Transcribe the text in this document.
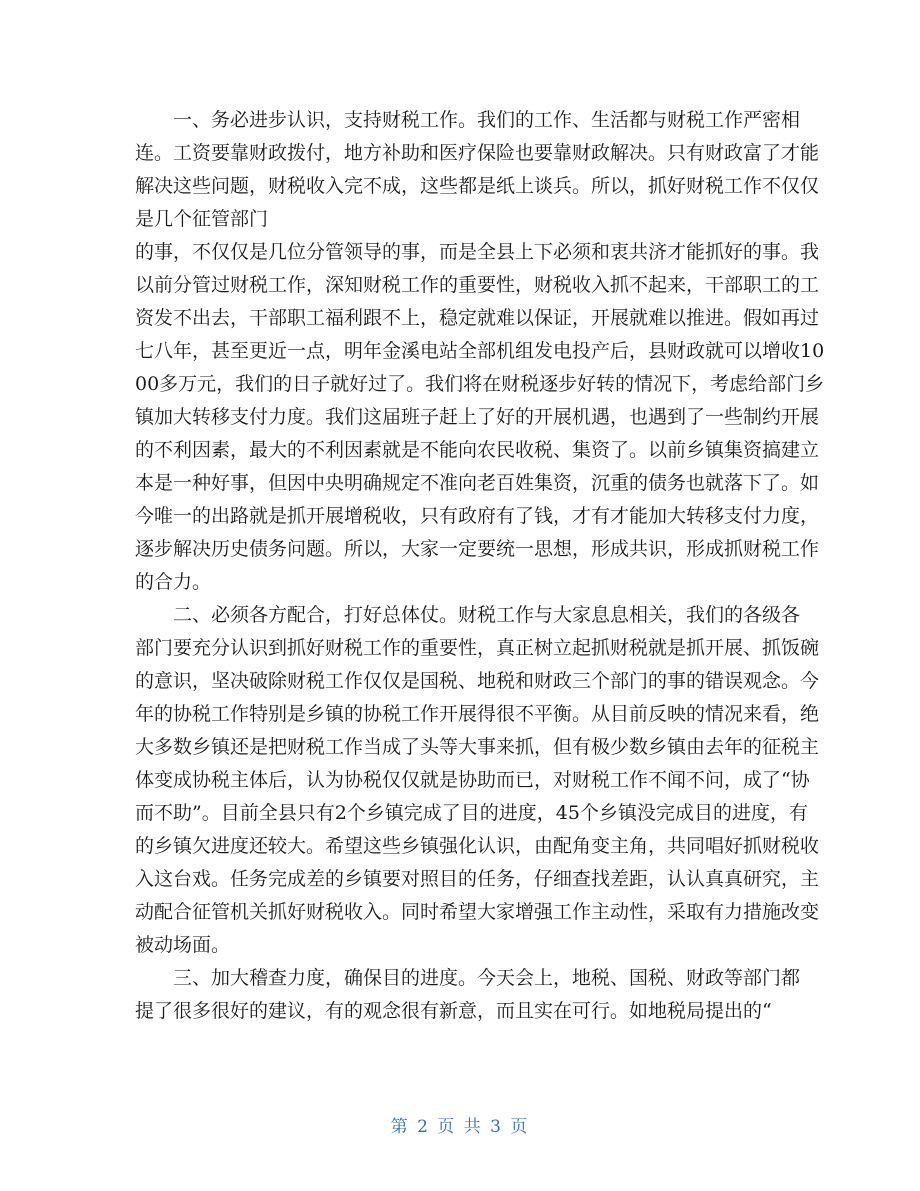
　　一、务必进步认识，支持财税工作。我们的工作、生活都与财税工作严密相
连。工资要靠财政拨付，地方补助和医疗保险也要靠财政解决。只有财政富了才能
解决这些问题，财税收入完不成，这些都是纸上谈兵。所以，抓好财税工作不仅仅
是几个征管部门
的事，不仅仅是几位分管领导的事，而是全县上下必须和衷共济才能抓好的事。我
以前分管过财税工作，深知财税工作的重要性，财税收入抓不起来，干部职工的工
资发不出去，干部职工福利跟不上，稳定就难以保证，开展就难以推进。假如再过
七八年，甚至更近一点，明年金溪电站全部机组发电投产后，县财政就可以增收10
00多万元，我们的日子就好过了。我们将在财税逐步好转的情况下，考虑给部门乡
镇加大转移支付力度。我们这届班子赶上了好的开展机遇，也遇到了一些制约开展
的不利因素，最大的不利因素就是不能向农民收税、集资了。以前乡镇集资搞建立
本是一种好事，但因中央明确规定不准向老百姓集资，沉重的债务也就落下了。如
今唯一的出路就是抓开展增税收，只有政府有了钱，才有才能加大转移支付力度，
逐步解决历史债务问题。所以，大家一定要统一思想，形成共识，形成抓财税工作
的合力。
　　二、必须各方配合，打好总体仗。财税工作与大家息息相关，我们的各级各
部门要充分认识到抓好财税工作的重要性，真正树立起抓财税就是抓开展、抓饭碗
的意识，坚决破除财税工作仅仅是国税、地税和财政三个部门的事的错误观念。今
年的协税工作特别是乡镇的协税工作开展得很不平衡。从目前反映的情况来看，绝
大多数乡镇还是把财税工作当成了头等大事来抓，但有极少数乡镇由去年的征税主
体变成协税主体后，认为协税仅仅就是协助而已，对财税工作不闻不问，成了“协
而不助”。目前全县只有2个乡镇完成了目的进度，45个乡镇没完成目的进度，有
的乡镇欠进度还较大。希望这些乡镇强化认识，由配角变主角，共同唱好抓财税收
入这台戏。任务完成差的乡镇要对照目的任务，仔细查找差距，认认真真研究，主
动配合征管机关抓好财税收入。同时希望大家增强工作主动性，采取有力措施改变
被动场面。
　　三、加大稽查力度，确保目的进度。今天会上，地税、国税、财政等部门都
提了很多很好的建议，有的观念很有新意，而且实在可行。如地税局提出的“
第 2 页 共 3 页
